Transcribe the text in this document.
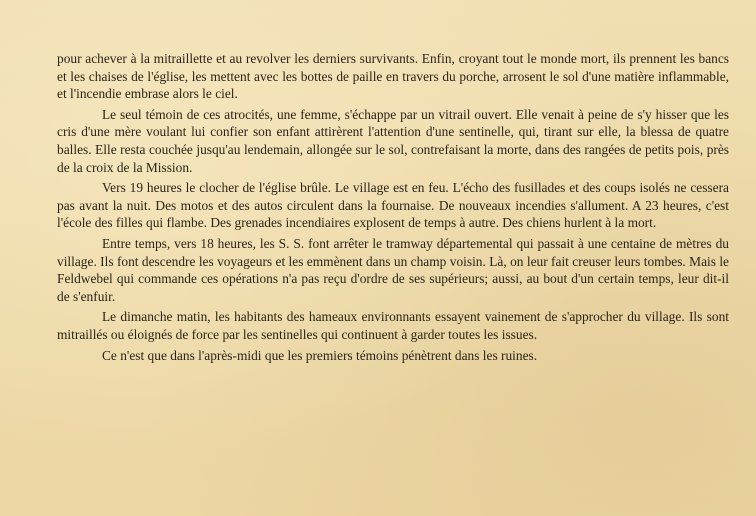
pour achever à la mitraillette et au revolver les derniers survivants. Enfin, croyant tout le monde mort, ils prennent les bancs et les chaises de l'église, les mettent avec les bottes de paille en travers du porche, arrosent le sol d'une matière inflammable, et l'incendie embrase alors le ciel.

Le seul témoin de ces atrocités, une femme, s'échappe par un vitrail ouvert. Elle venait à peine de s'y hisser que les cris d'une mère voulant lui confier son enfant attirèrent l'attention d'une sentinelle, qui, tirant sur elle, la blessa de quatre balles. Elle resta couchée jusqu'au lendemain, allongée sur le sol, contrefaisant la morte, dans des rangées de petits pois, près de la croix de la Mission.

Vers 19 heures le clocher de l'église brûle. Le village est en feu. L'écho des fusillades et des coups isolés ne cessera pas avant la nuit. Des motos et des autos circulent dans la fournaise. De nouveaux incendies s'allument. A 23 heures, c'est l'école des filles qui flambe. Des grenades incendiaires explosent de temps à autre. Des chiens hurlent à la mort.

Entre temps, vers 18 heures, les S. S. font arrêter le tramway départemental qui passait à une centaine de mètres du village. Ils font descendre les voyageurs et les emmènent dans un champ voisin. Là, on leur fait creuser leurs tombes. Mais le Feldwebel qui commande ces opérations n'a pas reçu d'ordre de ses supérieurs; aussi, au bout d'un certain temps, leur dit-il de s'enfuir.

Le dimanche matin, les habitants des hameaux environnants essayent vainement de s'approcher du village. Ils sont mitraillés ou éloignés de force par les sentinelles qui continuent à garder toutes les issues.

Ce n'est que dans l'après-midi que les premiers témoins pénètrent dans les ruines.
